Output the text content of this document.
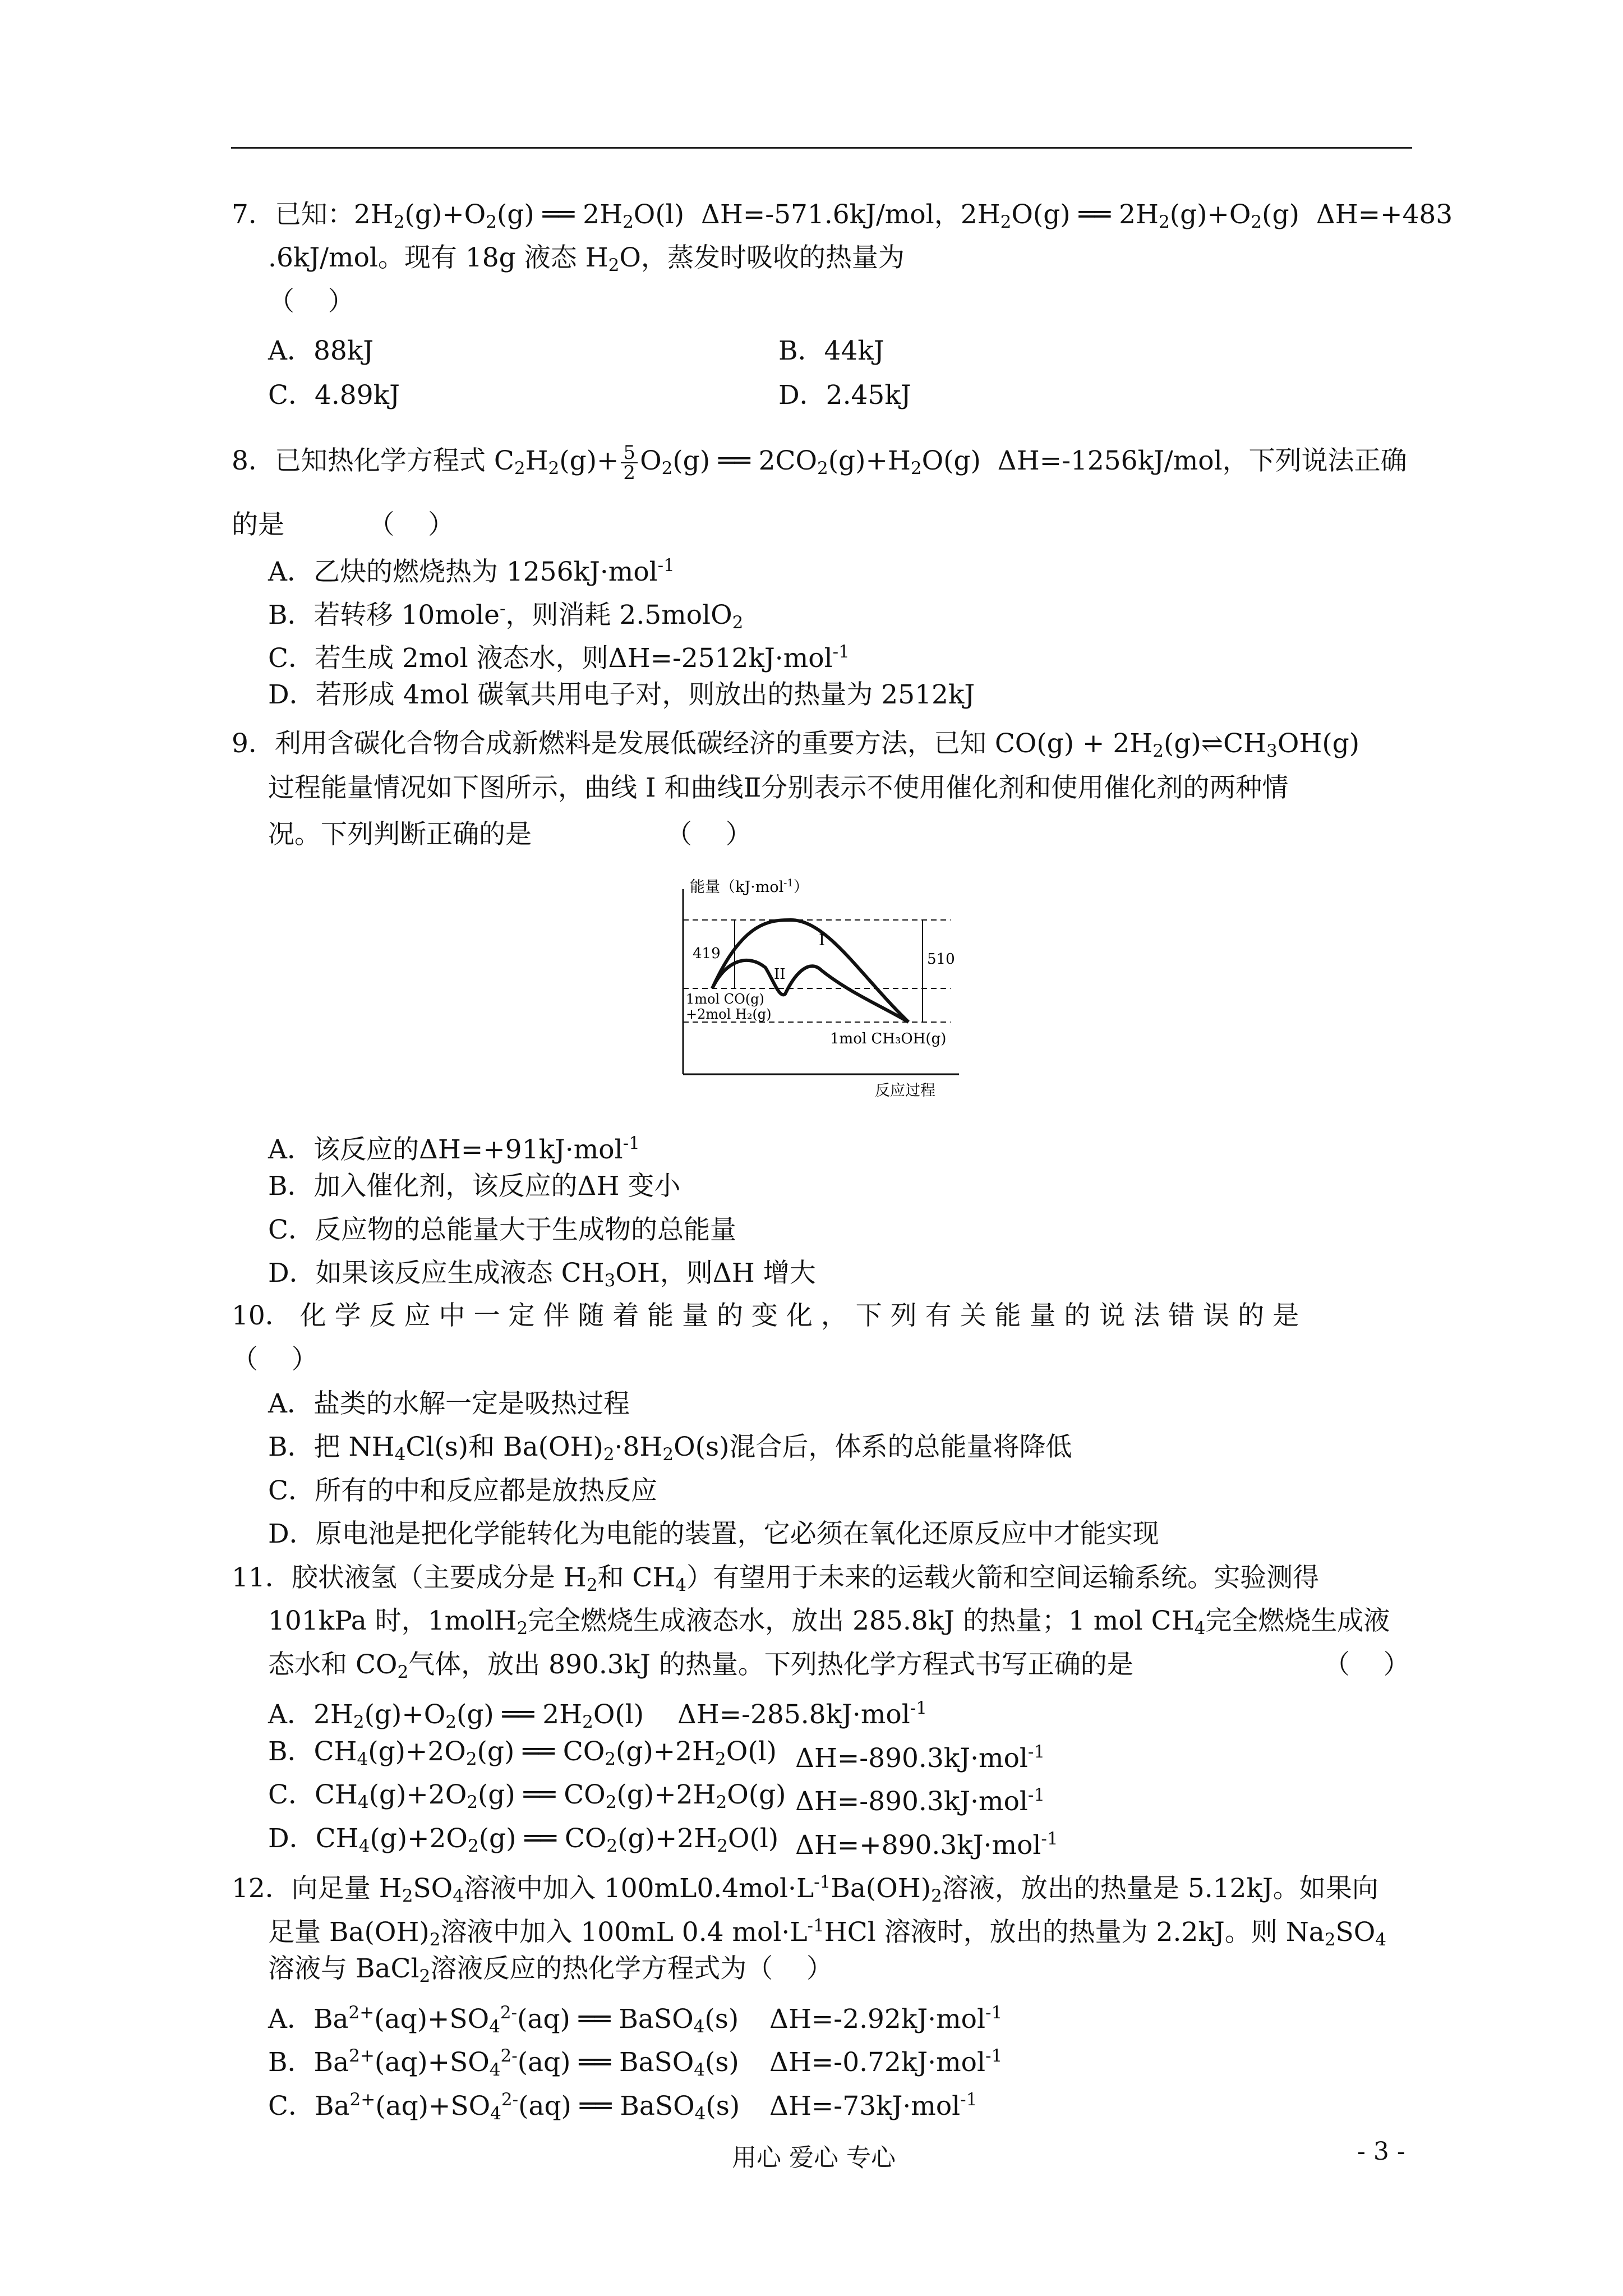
7．已知：$2H_2(g)+O_2(g)$ ══ $2H_2O(l)$  ΔH=-571.6kJ/mol，$2H_2O(g)$ ══ $2H_2(g)+O_2(g)$  ΔH=+483
.6kJ/mol。现有 18g 液态 $H_2O$，蒸发时吸收的热量为
（    ）
A．88kJ	B．44kJ
C．4.89kJ	D．2.45kJ
8．已知热化学方程式 $C_2H_2(g)+ \frac{5}{2} O_2(g)$ ══ $2CO_2(g)+H_2O(g)$  ΔH=-1256kJ/mol，下列说法正确
的是          （    ）
A．乙炔的燃烧热为 1256kJ·mol$^{-1}$
B．若转移 10mole-，则消耗 2.5molO$_2$
C．若生成 2mol 液态水，则ΔH=-2512kJ·mol$^{-1}$
D．若形成 4mol 碳氧共用电子对，则放出的热量为 2512kJ
9．利用含碳化合物合成新燃料是发展低碳经济的重要方法，已知 $CO(g) + 2H_2(g)\rightleftharpoons CH_3OH(g)$
过程能量情况如下图所示，曲线 I 和曲线Ⅱ分别表示不使用催化剂和使用催化剂的两种情
况。下列判断正确的是                （    ）
能量（kJ·mol$^{-1}$）
419	510
I
II
1mol CO(g)
+2mol H₂(g)
1mol CH₃OH(g)
反应过程
A．该反应的ΔH=+91kJ·mol$^{-1}$
B．加入催化剂，该反应的ΔH 变小
C．反应物的总能量大于生成物的总能量
D．如果该反应生成液态 $CH_3OH$，则ΔH 增大
10． 化 学 反 应 中 一 定 伴 随 着 能 量 的 变 化 ， 下 列 有 关 能 量 的 说 法 错 误 的 是
（    ）
A．盐类的水解一定是吸热过程
B．把 $NH_4Cl(s)$和 $Ba(OH)_2\cdot 8H_2O(s)$混合后，体系的总能量将降低
C．所有的中和反应都是放热反应
D．原电池是把化学能转化为电能的装置，它必须在氧化还原反应中才能实现
11．胶状液氢（主要成分是 $H_2$和 $CH_4$）有望用于未来的运载火箭和空间运输系统。实验测得
101kPa 时，1molH$_2$完全燃烧生成液态水，放出 285.8kJ 的热量；1 mol $CH_4$完全燃烧生成液
态水和 $CO_2$气体，放出 890.3kJ 的热量。下列热化学方程式书写正确的是	（    ）
A．$2H_2(g)+O_2(g)$ ══ $2H_2O(l)$    ΔH=-285.8kJ·mol$^{-1}$
B．$CH_4(g)+2O_2(g)$ ══ $CO_2(g)+2H_2O(l)$ ΔH=-890.3kJ·mol$^{-1}$
C．$CH_4(g)+2O_2(g)$ ══ $CO_2(g)+2H_2O(g)$ ΔH=-890.3kJ·mol$^{-1}$
D．$CH_4(g)+2O_2(g)$ ══ $CO_2(g)+2H_2O(l)$ ΔH=+890.3kJ·mol$^{-1}$
12．向足量 $H_2SO_4$溶液中加入 $100mL0.4mol\cdot L^{-1}Ba(OH)_2$溶液，放出的热量是 5.12kJ。如果向
足量 $Ba(OH)_2$溶液中加入 100mL 0.4 $mol\cdot L^{-1}HCl$ 溶液时，放出的热量为 2.2kJ。则 $Na_2SO_4$
溶液与 BaCl$_2$溶液反应的热化学方程式为（    ）
A．$Ba^{2+}(aq)+SO_4^{2-}(aq)$ ══ BaSO$_4$(s) ΔH=-2.92kJ·mol$^{-1}$
B．$Ba^{2+}(aq)+SO_4^{2-}(aq)$ ══ BaSO$_4$(s) ΔH=-0.72kJ·mol$^{-1}$
C．$Ba^{2+}(aq)+SO_4^{2-}(aq)$ ══ BaSO$_4$(s) ΔH=-73kJ·mol$^{-1}$
用心 爱心 专心	- 3 -
